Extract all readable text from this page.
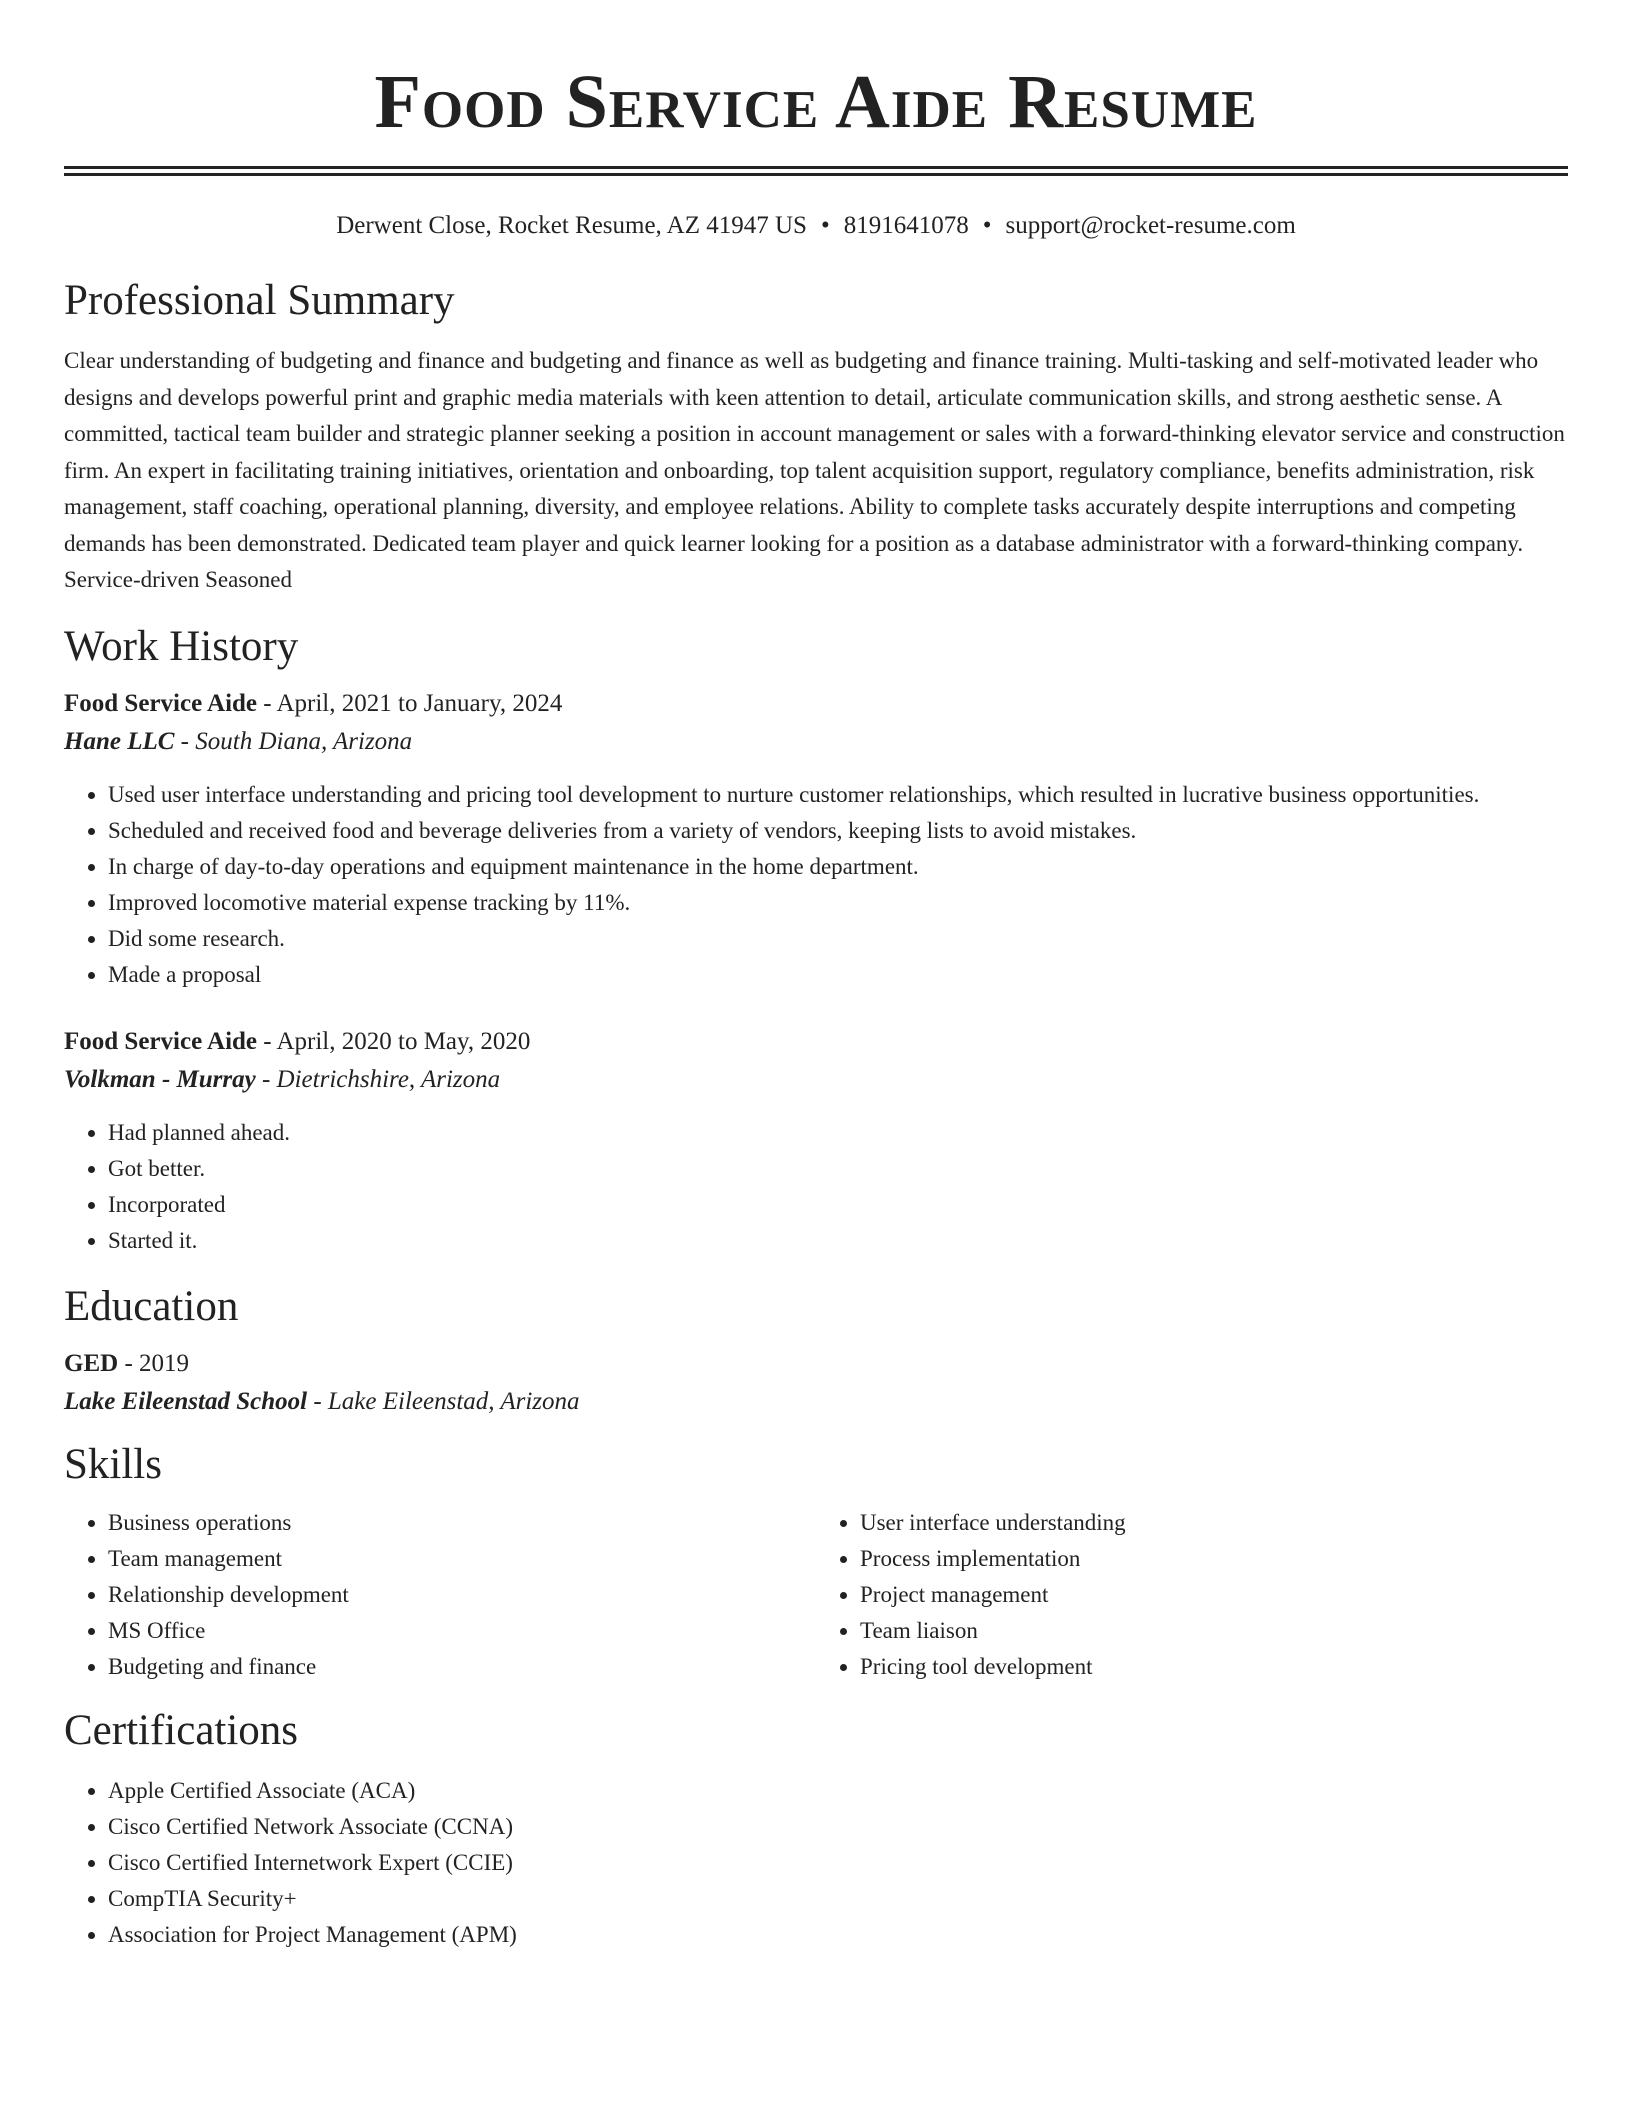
Food Service Aide Resume
Derwent Close, Rocket Resume, AZ 41947 US • 8191641078 • support@rocket-resume.com
Professional Summary

Clear understanding of budgeting and finance and budgeting and finance as well as budgeting and finance training. Multi-tasking and self-motivated leader who designs and develops powerful print and graphic media materials with keen attention to detail, articulate communication skills, and strong aesthetic sense. A committed, tactical team builder and strategic planner seeking a position in account management or sales with a forward-thinking elevator service and construction firm. An expert in facilitating training initiatives, orientation and onboarding, top talent acquisition support, regulatory compliance, benefits administration, risk management, staff coaching, operational planning, diversity, and employee relations. Ability to complete tasks accurately despite interruptions and competing demands has been demonstrated. Dedicated team player and quick learner looking for a position as a database administrator with a forward-thinking company. Service-driven Seasoned

Work History

Food Service Aide - April, 2021 to January, 2024

Hane LLC - South Diana, Arizona

• Used user interface understanding and pricing tool development to nurture customer relationships, which resulted in lucrative business opportunities.
• Scheduled and received food and beverage deliveries from a variety of vendors, keeping lists to avoid mistakes.
• In charge of day-to-day operations and equipment maintenance in the home department.
• Improved locomotive material expense tracking by 11%.
• Did some research.
• Made a proposal

Food Service Aide - April, 2020 to May, 2020

Volkman - Murray - Dietrichshire, Arizona

• Had planned ahead.
• Got better.
• Incorporated
• Started it.
Education

GED - 2019

Lake Eileenstad School - Lake Eileenstad, Arizona

Skills
• Business operations
• Team management
• Relationship development
• MS Office
• Budgeting and finance
• User interface understanding
• Process implementation
• Project management
• Team liaison
• Pricing tool development
Certifications
• Apple Certified Associate (ACA)
• Cisco Certified Network Associate (CCNA)
• Cisco Certified Internetwork Expert (CCIE)
• CompTIA Security+
• Association for Project Management (APM)
